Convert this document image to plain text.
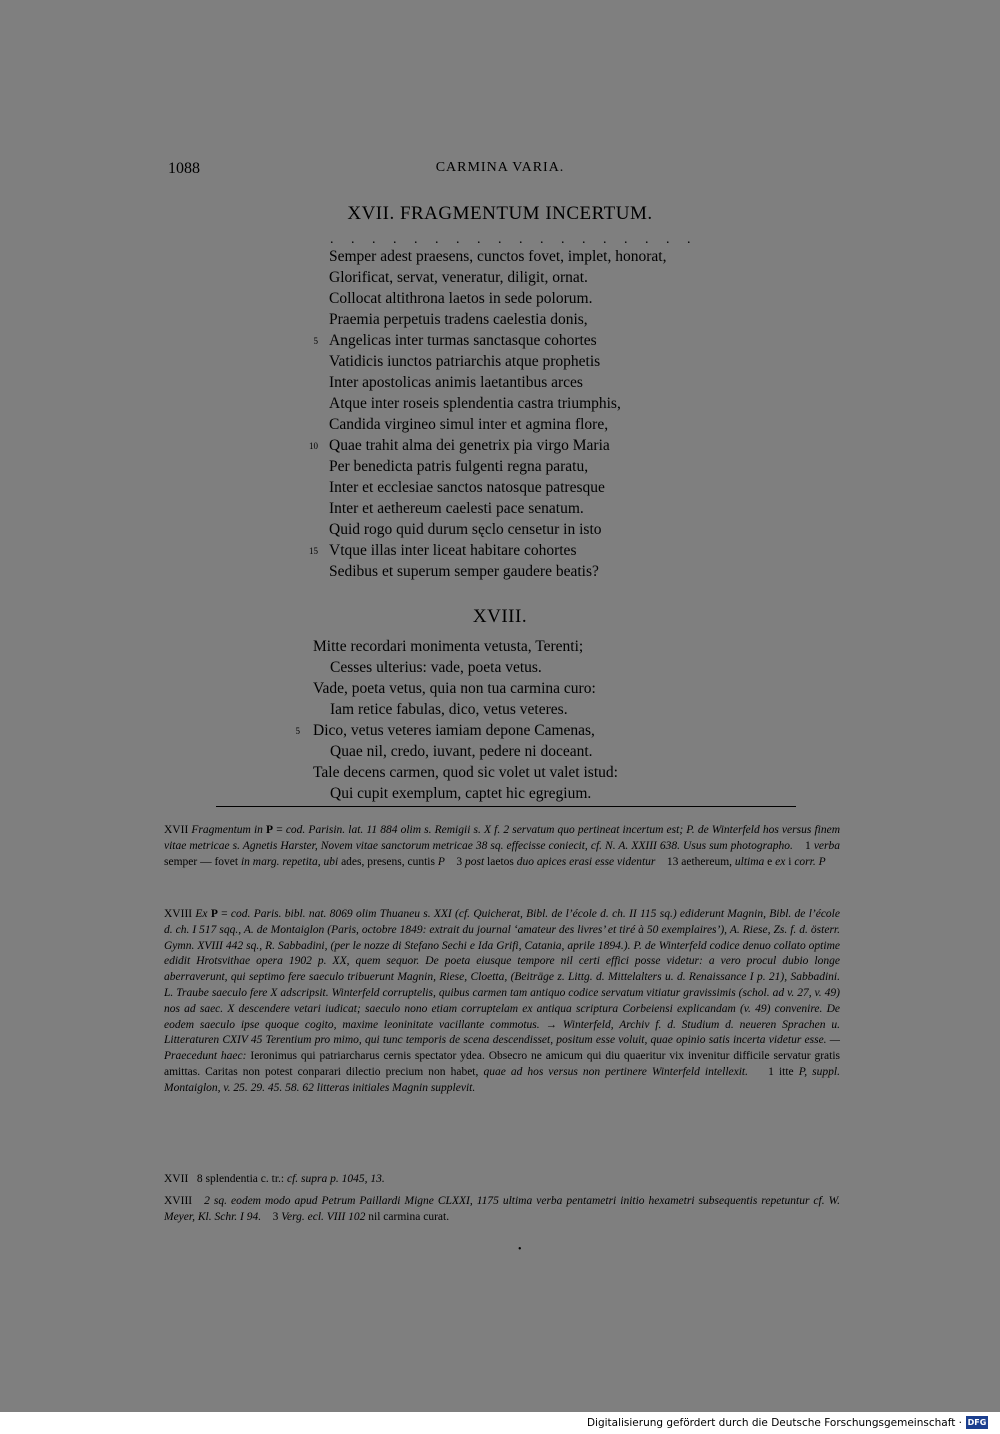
1088	CARMINA VARIA.
XVII. FRAGMENTUM INCERTUM.
. . . . . . . . . . . . . . . . . .
Semper adest praesens, cunctos fovet, implet, honorat,
Glorificat, servat, veneratur, diligit, ornat.
Collocat altithrona laetos in sede polorum.
Praemia perpetuis tradens caelestia donis,
5 Angelicas inter turmas sanctasque cohortes
Vatidicis iunctos patriarchis atque prophetis
Inter apostolicas animis laetantibus arces
Atque inter roseis splendentia castra triumphis,
Candida virgineo simul inter et agmina flore,
10 Quae trahit alma dei genetrix pia virgo Maria
Per benedicta patris fulgenti regna paratu,
Inter et ecclesiae sanctos natosque patresque
Inter et aethereum caelesti pace senatum.
Quid rogo quid durum sęclo censetur in isto
15 Vtque illas inter liceat habitare cohortes
Sedibus et superum semper gaudere beatis?
XVIII.
Mitte recordari monimenta vetusta, Terenti;
Cesses ulterius: vade, poeta vetus.
Vade, poeta vetus, quia non tua carmina curo:
Iam retice fabulas, dico, vetus veteres.
5 Dico, vetus veteres iamiam depone Camenas,
Quae nil, credo, iuvant, pedere ni doceant.
Tale decens carmen, quod sic volet ut valet istud:
Qui cupit exemplum, captet hic egregium.
XVII Fragmentum in P = cod. Parisin. lat. 11 884 olim s. Remigii s. X f. 2 servatum quo pertineat incertum est; P. de Winterfeld hos versus finem vitae metricae s. Agnetis Harster, Novem vitae sanctorum metricae 38 sq. effecisse coniecit, cf. N. A. XXIII 638. Usus sum photographo.    1 verba semper — fovet in marg. repetita, ubi ades, presens, cuntis P    3 post laetos duo apices erasi esse videntur    13 aethereum, ultima e ex i corr. P
XVIII Ex P = cod. Paris. bibl. nat. 8069 olim Thuaneu s. XXI (cf. Quicherat, Bibl. de l’école d. ch. II 115 sq.) ediderunt Magnin, Bibl. de l’école d. ch. I 517 sqq., A. de Montaiglon (Paris, octobre 1849: extrait du journal ‘amateur des livres’ et tiré à 50 exemplaires’), A. Riese, Zs. f. d. österr. Gymn. XVIII 442 sq., R. Sabbadini, (per le nozze di Stefano Sechi e Ida Grifi, Catania, aprile 1894.). P. de Winterfeld codice denuo collato optime edidit Hrotsvithae opera 1902 p. XX, quem sequor. De poeta eiusque tempore nil certi effici posse videtur: a vero procul dubio longe aberraverunt, qui septimo fere saeculo tribuerunt Magnin, Riese, Cloetta, (Beiträge z. Littg. d. Mittelalters u. d. Renaissance I p. 21), Sabbadini. L. Traube saeculo fere X adscripsit. Winterfeld corruptelis, quibus carmen tam antiquo codice servatum vitiatur gravissimis (schol. ad v. 27, v. 49) nos ad saec. X descendere vetari iudicat; saeculo nono etiam corruptelam ex antiqua scriptura Corbeiensi explicandam (v. 49) convenire. De eodem saeculo ipse quoque cogito, maxime leoninitate vacillante commotus. → Winterfeld, Archiv f. d. Studium d. neueren Sprachen u. Litteraturen CXIV 45 Terentium pro mimo, qui tunc temporis de scena descendisset, positum esse voluit, quae opinio satis incerta videtur esse. — Praecedunt haec: Ieronimus qui patriarcharus cernis spectator ydea. Obsecro ne amicum qui diu quaeritur vix invenitur difficile servatur gratis amittas. Caritas non potest conparari dilectio precium non habet, quae ad hos versus non pertinere Winterfeld intellexit.    1 itte P, suppl. Montaiglon, v. 25. 29. 45. 58. 62 litteras initiales Magnin supplevit.
XVII   8 splendentia c. tr.: cf. supra p. 1045, 13.
XVIII   2 sq. eodem modo apud Petrum Paillardi Migne CLXXI, 1175 ultima verba pentametri initio hexametri subsequentis repetuntur cf. W. Meyer, Kl. Schr. I 94.    3 Verg. ecl. VIII 102 nil carmina curat.
•
Digitalisierung gefördert durch die Deutsche Forschungsgemeinschaft · DFG
